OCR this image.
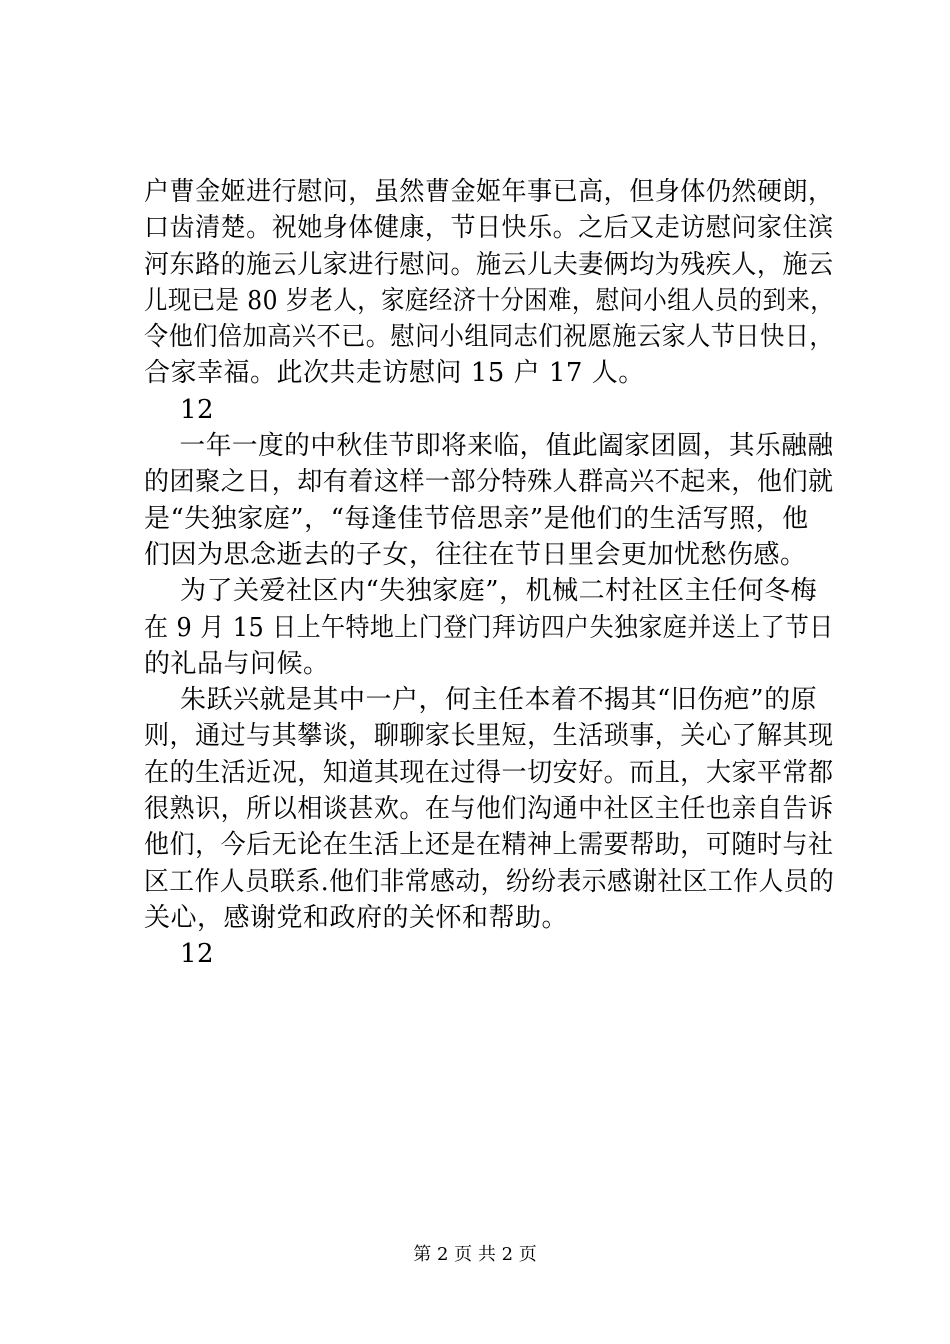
户曹金姬进行慰问，虽然曹金姬年事已高，但身体仍然硬朗，
口齿清楚。祝她身体健康，节日快乐。之后又走访慰问家住滨
河东路的施云儿家进行慰问。施云儿夫妻俩均为残疾人，施云
儿现已是 80 岁老人，家庭经济十分困难，慰问小组人员的到来，
令他们倍加高兴不已。慰问小组同志们祝愿施云家人节日快日，
合家幸福。此次共走访慰问 15 户 17 人。
12
一年一度的中秋佳节即将来临，值此阖家团圆，其乐融融
的团聚之日，却有着这样一部分特殊人群高兴不起来，他们就
是“失独家庭”，“每逢佳节倍思亲”是他们的生活写照，他
们因为思念逝去的子女，往往在节日里会更加忧愁伤感。
为了关爱社区内“失独家庭”，机械二村社区主任何冬梅
在 9 月 15 日上午特地上门登门拜访四户失独家庭并送上了节日
的礼品与问候。
朱跃兴就是其中一户，何主任本着不揭其“旧伤疤”的原
则，通过与其攀谈，聊聊家长里短，生活琐事，关心了解其现
在的生活近况，知道其现在过得一切安好。而且，大家平常都
很熟识，所以相谈甚欢。在与他们沟通中社区主任也亲自告诉
他们，今后无论在生活上还是在精神上需要帮助，可随时与社
区工作人员联系.他们非常感动，纷纷表示感谢社区工作人员的
关心，感谢党和政府的关怀和帮助。
12
第 2 页 共 2 页
